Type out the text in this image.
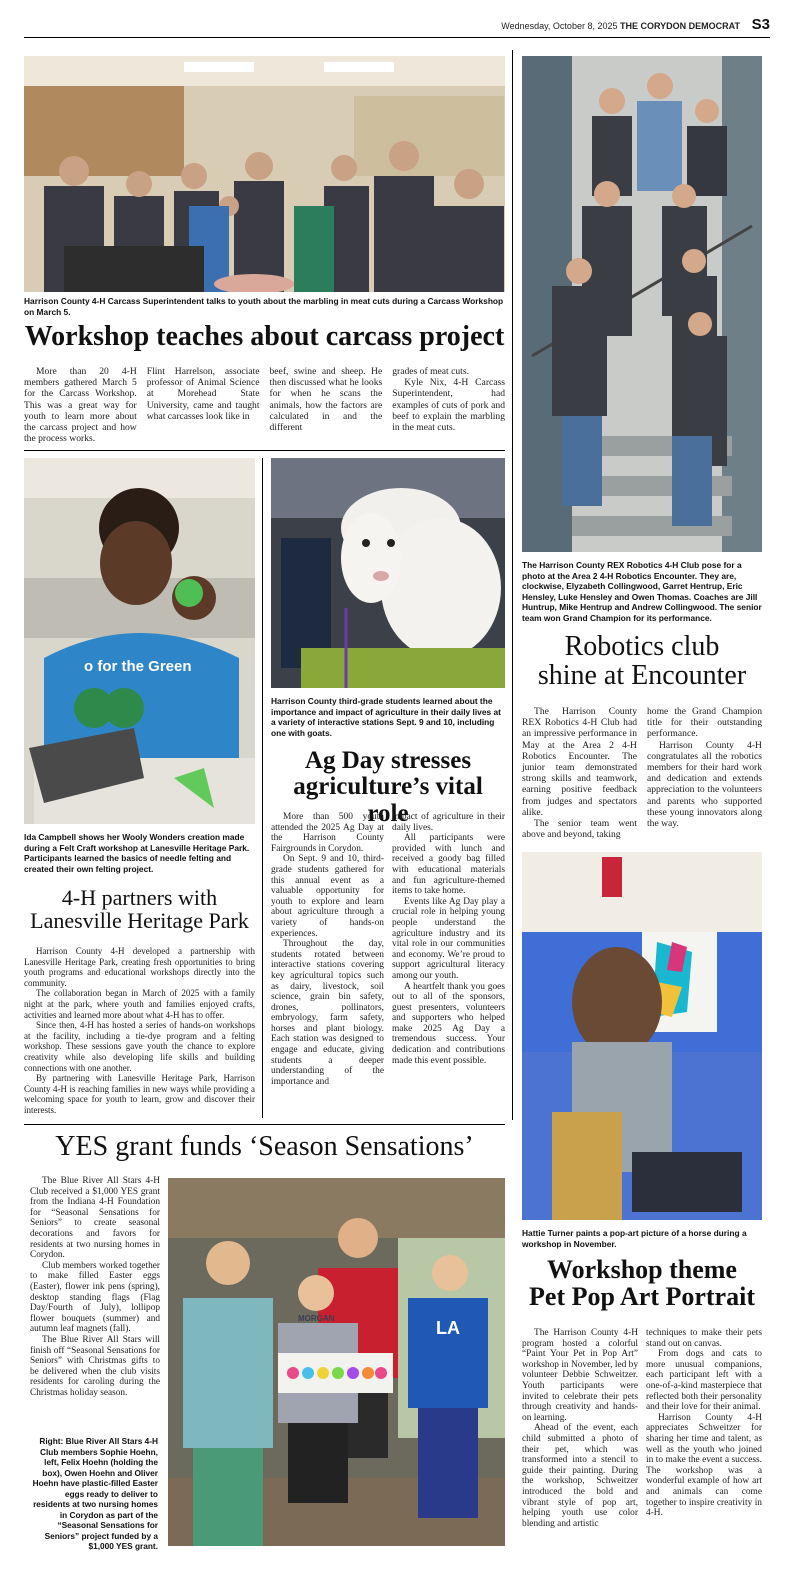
Wednesday, October 8, 2025 THE CORYDON DEMOCRAT S3
Harrison County 4-H Carcass Superintendent talks to youth about the marbling in meat cuts during a Carcass Workshop on March 5.
Workshop teaches about carcass project

More than 20 4-H members gathered March 5 for the Carcass Workshop. This was a great way for youth to learn more about the carcass project and how the process works.

Flint Harrelson, associate professor of Animal Science at Morehead State University, came and taught what carcasses look like in

beef, swine and sheep. He then discussed what he looks for when he scans the animals, how the factors are calculated in and the different

grades of meat cuts.

Kyle Nix, 4-H Carcass Superintendent, had examples of cuts of pork and beef to explain the marbling in the meat cuts.

The Harrison County REX Robotics 4-H Club pose for a photo at the Area 2 4-H Robotics Encounter. They are, clockwise, Elyzabeth Collingwood, Garret Hentrup, Eric Hensley, Luke Hensley and Owen Thomas. Coaches are Jill Huntrup, Mike Hentrup and Andrew Collingwood. The senior team won Grand Champion for its performance.
Robotics club
shine at Encounter

The Harrison County REX Robotics 4-H Club had an impressive performance in May at the Area 2 4-H Robotics Encounter. The junior team demonstrated strong skills and teamwork, earning positive feedback from judges and spectators alike.

The senior team went above and beyond, taking

home the Grand Champion title for their outstanding performance.

Harrison County 4-H congratulates all the robotics members for their hard work and dedication and extends appreciation to the volunteers and parents who supported these young innovators along the way.

o for the Green
Ida Campbell shows her Wooly Wonders creation made during a Felt Craft workshop at Lanesville Heritage Park. Participants learned the basics of needle felting and created their own felting project.
4-H partners with
Lanesville Heritage Park

Harrison County 4-H developed a partnership with Lanesville Heritage Park, creating fresh opportunities to bring youth programs and educational workshops directly into the community.

The collaboration began in March of 2025 with a family night at the park, where youth and families enjoyed crafts, activities and learned more about what 4-H has to offer.

Since then, 4-H has hosted a series of hands-on workshops at the facility, including a tie-dye program and a felting workshop. These sessions gave youth the chance to explore creativity while also developing life skills and building connections with one another.

By partnering with Lanesville Heritage Park, Harrison County 4-H is reaching families in new ways while providing a welcoming space for youth to learn, grow and discover their interests.

Harrison County third-grade students learned about the importance and impact of agriculture in their daily lives at a variety of interactive stations Sept. 9 and 10, including one with goats.
Ag Day stresses
agriculture’s vital role

More than 500 youth attended the 2025 Ag Day at the Harrison County Fairgrounds in Corydon.

On Sept. 9 and 10, third-grade students gathered for this annual event as a valuable opportunity for youth to explore and learn about agriculture through a variety of hands-on experiences.

Throughout the day, students rotated between interactive stations covering key agricultural topics such as dairy, livestock, soil science, grain bin safety, drones, pollinators, embryology, farm safety, horses and plant biology. Each station was designed to engage and educate, giving students a deeper understanding of the importance and

impact of agriculture in their daily lives.

All participants were provided with lunch and received a goody bag filled with educational materials and fun agriculture-themed items to take home.

Events like Ag Day play a crucial role in helping young people understand the agriculture industry and its vital role in our communities and economy. We’re proud to support agricultural literacy among our youth.

A heartfelt thank you goes out to all of the sponsors, guest presenters, volunteers and supporters who helped make 2025 Ag Day a tremendous success. Your dedication and contributions made this event possible.

Hattie Turner paints a pop-art picture of a horse during a workshop in November.
Workshop theme
Pet Pop Art Portrait

The Harrison County 4-H program hosted a colorful “Paint Your Pet in Pop Art” workshop in November, led by volunteer Debbie Schweitzer. Youth participants were invited to celebrate their pets through creativity and hands-on learning.

Ahead of the event, each child submitted a photo of their pet, which was transformed into a stencil to guide their painting. During the workshop, Schweitzer introduced the bold and vibrant style of pop art, helping youth use color blending and artistic

techniques to make their pets stand out on canvas.

From dogs and cats to more unusual companions, each participant left with a one-of-a-kind masterpiece that reflected both their personality and their love for their animal.

Harrison County 4-H appreciates Schweitzer for sharing her time and talent, as well as the youth who joined in to make the event a success. The workshop was a wonderful example of how art and animals can come together to inspire creativity in 4-H.

YES grant funds ‘Season Sensations’

The Blue River All Stars 4-H Club received a $1,000 YES grant from the Indiana 4-H Foundation for “Seasonal Sensations for Seniors” to create seasonal decorations and favors for residents at two nursing homes in Corydon.

Club members worked together to make filled Easter eggs (Easter), flower ink pens (spring), desktop standing flags (Flag Day/Fourth of July), lollipop flower bouquets (summer) and autumn leaf magnets (fall).

The Blue River All Stars will finish off “Seasonal Sensations for Seniors” with Christmas gifts to be delivered when the club visits residents for caroling during the Christmas holiday season.

Right: Blue River All Stars 4-H Club members Sophie Hoehn, left, Felix Hoehn (holding the box), Owen Hoehn and Oliver Hoehn have plastic-filled Easter eggs ready to deliver to residents at two nursing homes in Corydon as part of the “Seasonal Sensations for Seniors” project funded by a $1,000 YES grant.
MORGAN	LA
